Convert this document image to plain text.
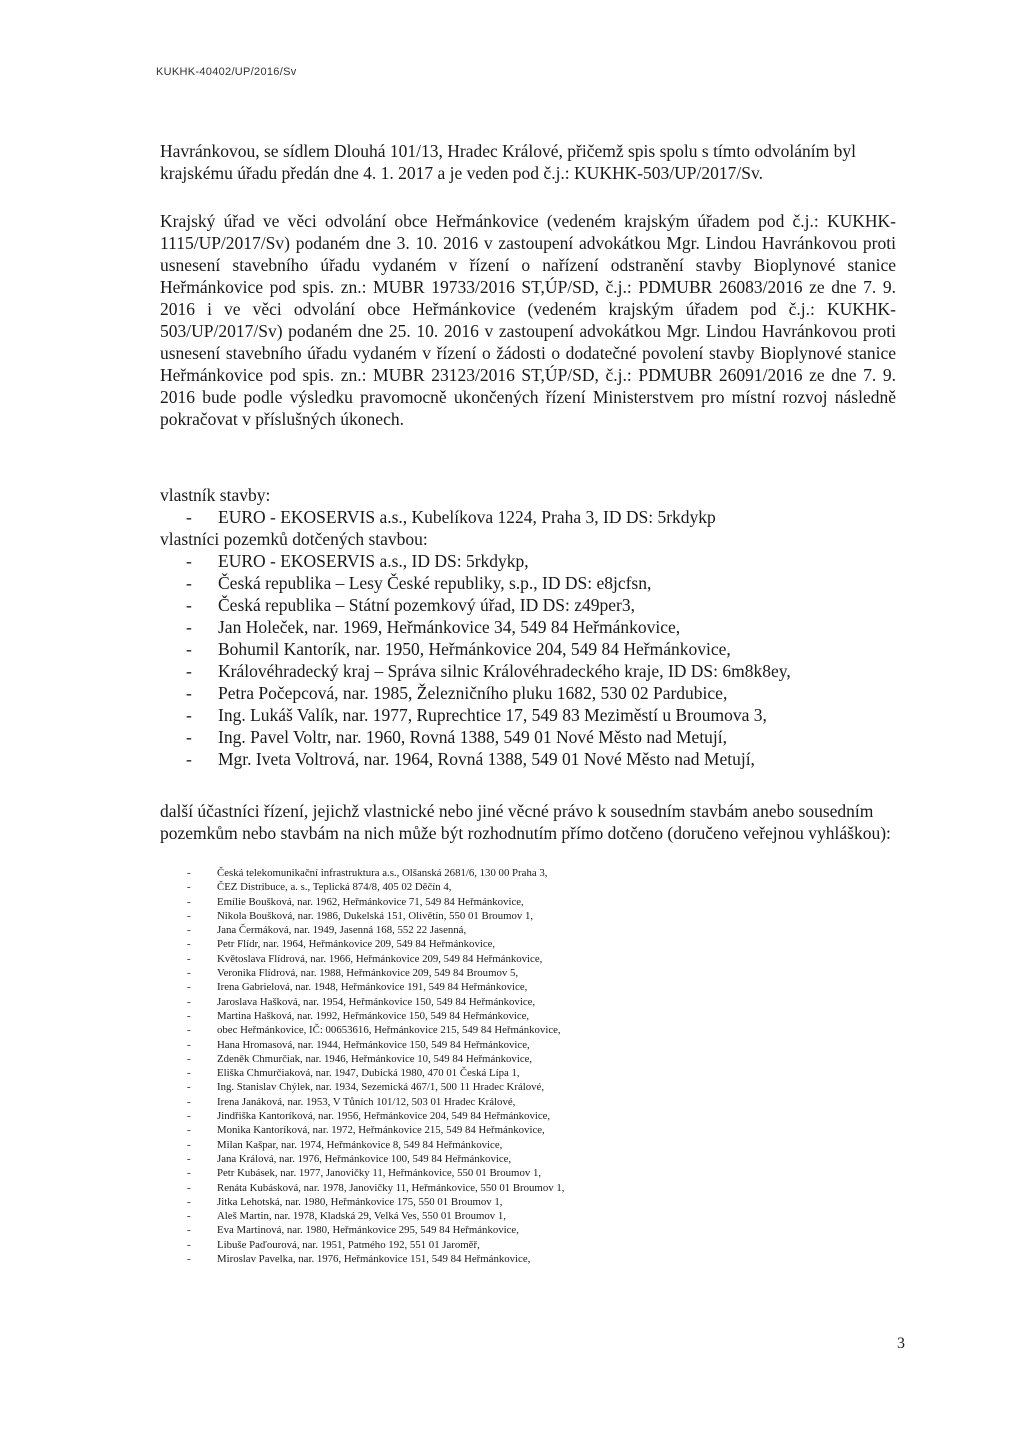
KUKHK-40402/UP/2016/Sv

Havránkovou, se sídlem Dlouhá 101/13, Hradec Králové, přičemž spis spolu s tímto odvoláním byl krajskému úřadu předán dne 4. 1. 2017 a je veden pod č.j.: KUKHK-503/UP/2017/Sv.

Krajský úřad ve věci odvolání obce Heřmánkovice (vedeném krajským úřadem pod č.j.: KUKHK-1115/UP/2017/Sv) podaném dne 3. 10. 2016 v zastoupení advokátkou Mgr. Lindou Havránkovou proti usnesení stavebního úřadu vydaném v řízení o nařízení odstranění stavby Bioplynové stanice Heřmánkovice pod spis. zn.: MUBR 19733/2016 ST,ÚP/SD, č.j.: PDMUBR 26083/2016 ze dne 7. 9. 2016 i ve věci odvolání obce Heřmánkovice (vedeném krajským úřadem pod č.j.: KUKHK-503/UP/2017/Sv) podaném dne 25. 10. 2016 v zastoupení advokátkou Mgr. Lindou Havránkovou proti usnesení stavebního úřadu vydaném v řízení o žádosti o dodatečné povolení stavby Bioplynové stanice Heřmánkovice pod spis. zn.: MUBR 23123/2016 ST,ÚP/SD, č.j.: PDMUBR 26091/2016 ze dne 7. 9. 2016 bude podle výsledku pravomocně ukončených řízení Ministerstvem pro místní rozvoj následně pokračovat v příslušných úkonech.

vlastník stavby:

- EURO - EKOSERVIS a.s., Kubelíkova 1224, Praha 3, ID DS: 5rkdykp

vlastníci pozemků dotčených stavbou:

- EURO - EKOSERVIS a.s., ID DS: 5rkdykp,
- Česká republika – Lesy České republiky, s.p., ID DS: e8jcfsn,
- Česká republika – Státní pozemkový úřad, ID DS: z49per3,
- Jan Holeček, nar. 1969, Heřmánkovice 34, 549 84 Heřmánkovice,
- Bohumil Kantorík, nar. 1950, Heřmánkovice 204, 549 84 Heřmánkovice,
- Královéhradecký kraj – Správa silnic Královéhradeckého kraje, ID DS: 6m8k8ey,
- Petra Počepcová, nar. 1985, Železničního pluku 1682, 530 02 Pardubice,
- Ing. Lukáš Valík, nar. 1977, Ruprechtice 17, 549 83 Meziměstí u Broumova 3,
- Ing. Pavel Voltr, nar. 1960, Rovná 1388, 549 01 Nové Město nad Metují,
- Mgr. Iveta Voltrová, nar. 1964, Rovná 1388, 549 01 Nové Město nad Metují,

další účastníci řízení, jejichž vlastnické nebo jiné věcné právo k sousedním stavbám anebo sousedním pozemkům nebo stavbám na nich může být rozhodnutím přímo dotčeno (doručeno veřejnou vyhláškou):

- Česká telekomunikační infrastruktura a.s., Olšanská 2681/6, 130 00 Praha 3,
- ČEZ Distribuce, a. s., Teplická 874/8, 405 02 Děčín 4,
- Emílie Boušková, nar. 1962, Heřmánkovice 71, 549 84 Heřmánkovice,
- Nikola Boušková, nar. 1986, Dukelská 151, Olivětín, 550 01 Broumov 1,
- Jana Čermáková, nar. 1949, Jasenná 168, 552 22 Jasenná,
- Petr Flídr, nar. 1964, Heřmánkovice 209, 549 84 Heřmánkovice,
- Květoslava Flídrová, nar. 1966, Heřmánkovice 209, 549 84 Heřmánkovice,
- Veronika Flídrová, nar. 1988, Heřmánkovice 209, 549 84 Broumov 5,
- Irena Gabrielová, nar. 1948, Heřmánkovice 191, 549 84 Heřmánkovice,
- Jaroslava Hašková, nar. 1954, Heřmánkovice 150, 549 84 Heřmánkovice,
- Martina Hašková, nar. 1992, Heřmánkovice 150, 549 84 Heřmánkovice,
- obec Heřmánkovice, IČ: 00653616, Heřmánkovice 215, 549 84 Heřmánkovice,
- Hana Hromasová, nar. 1944, Heřmánkovice 150, 549 84 Heřmánkovice,
- Zdeněk Chmurčiak, nar. 1946, Heřmánkovice 10, 549 84 Heřmánkovice,
- Eliška Chmurčiaková, nar. 1947, Dubická 1980, 470 01 Česká Lípa 1,
- Ing. Stanislav Chýlek, nar. 1934, Sezemická 467/1, 500 11 Hradec Králové,
- Irena Janáková, nar. 1953, V Tůních 101/12, 503 01 Hradec Králové,
- Jindřiška Kantoríková, nar. 1956, Heřmánkovice 204, 549 84 Heřmánkovice,
- Monika Kantoríková, nar. 1972, Heřmánkovice 215, 549 84 Heřmánkovice,
- Milan Kašpar, nar. 1974, Heřmánkovice 8, 549 84 Heřmánkovice,
- Jana Králová, nar. 1976, Heřmánkovice 100, 549 84 Heřmánkovice,
- Petr Kubásek, nar. 1977, Janovičky 11, Heřmánkovice, 550 01 Broumov 1,
- Renáta Kubásková, nar. 1978, Janovičky 11, Heřmánkovice, 550 01 Broumov 1,
- Jitka Lehotská, nar. 1980, Heřmánkovice 175, 550 01 Broumov 1,
- Aleš Martin, nar. 1978, Kladská 29, Velká Ves, 550 01 Broumov 1,
- Eva Martinová, nar. 1980, Heřmánkovice 295, 549 84 Heřmánkovice,
- Libuše Paďourová, nar. 1951, Patmého 192, 551 01 Jaroměř,
- Miroslav Pavelka, nar. 1976, Heřmánkovice 151, 549 84 Heřmánkovice,
3
